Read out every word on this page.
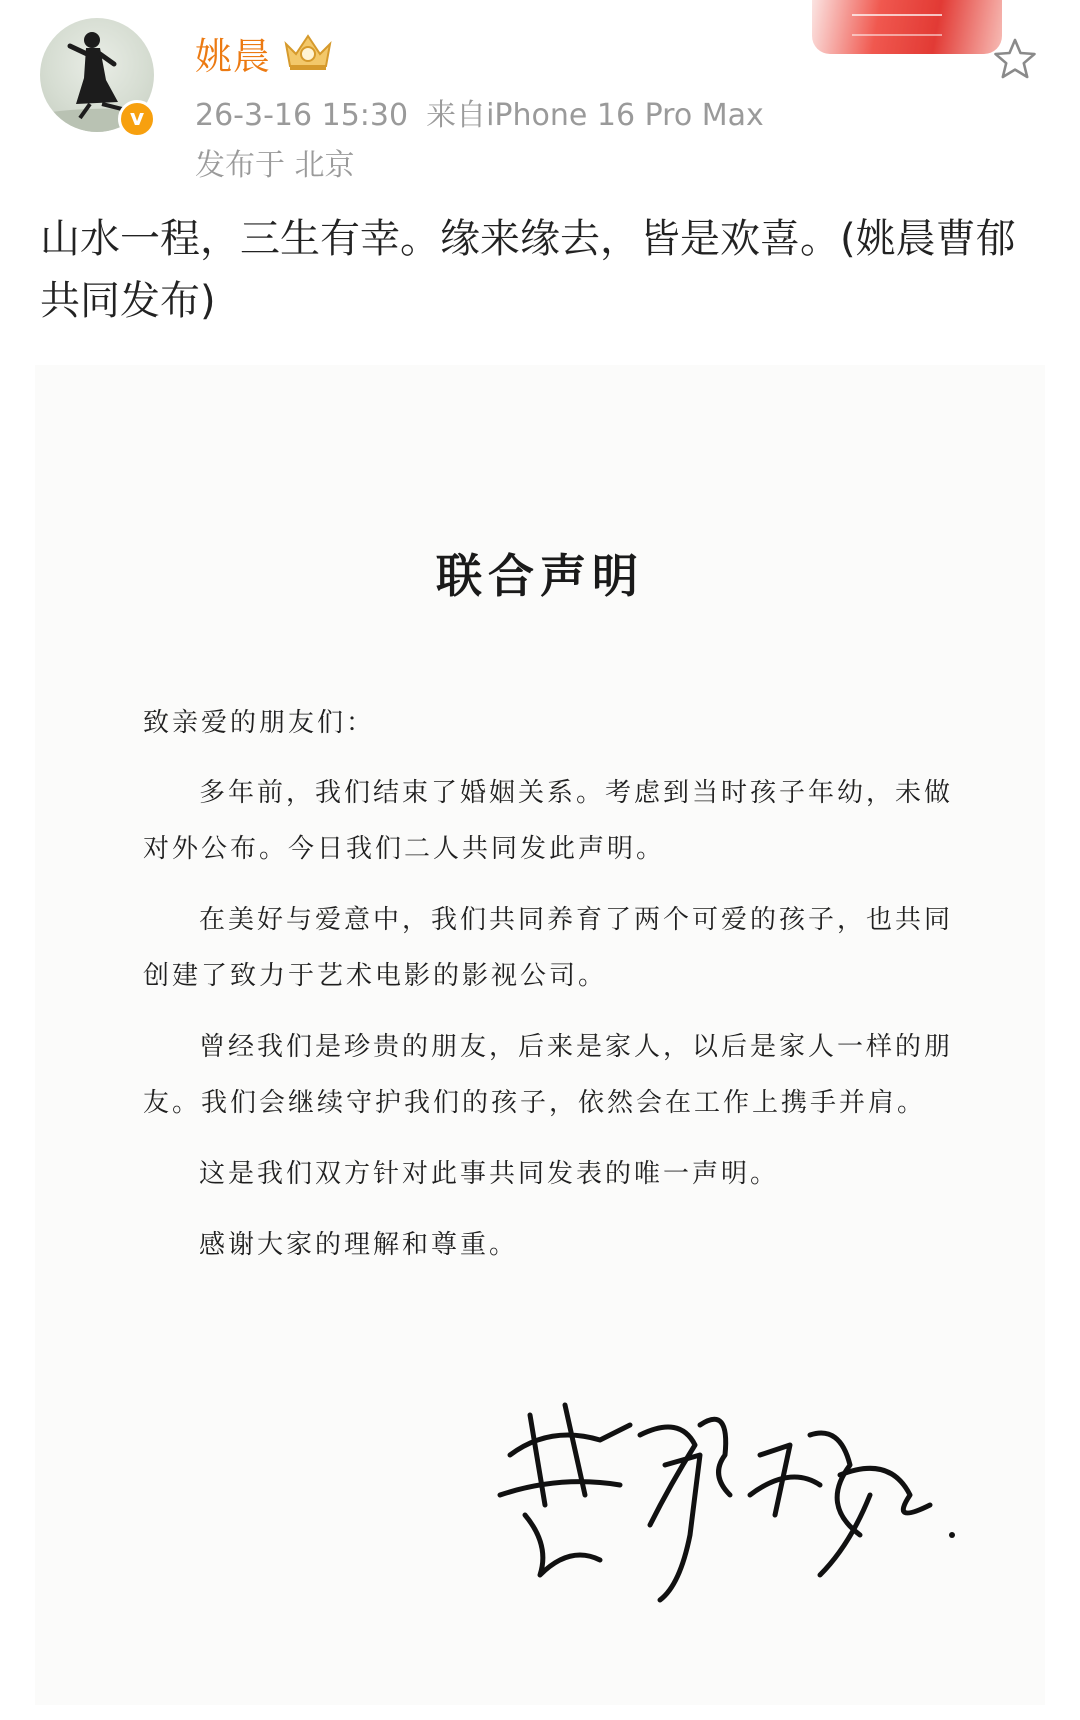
v
姚晨
26-3-16 15:30 来自iPhone 16 Pro Max
发布于 北京
山水一程，三生有幸。缘来缘去，皆是欢喜。(姚晨曹郁共同发布)
联合声明

致亲爱的朋友们：

多年前，我们结束了婚姻关系。考虑到当时孩子年幼，未做对外公布。今日我们二人共同发此声明。

在美好与爱意中，我们共同养育了两个可爱的孩子，也共同创建了致力于艺术电影的影视公司。

曾经我们是珍贵的朋友，后来是家人，以后是家人一样的朋友。我们会继续守护我们的孩子，依然会在工作上携手并肩。

这是我们双方针对此事共同发表的唯一声明。

感谢大家的理解和尊重。
